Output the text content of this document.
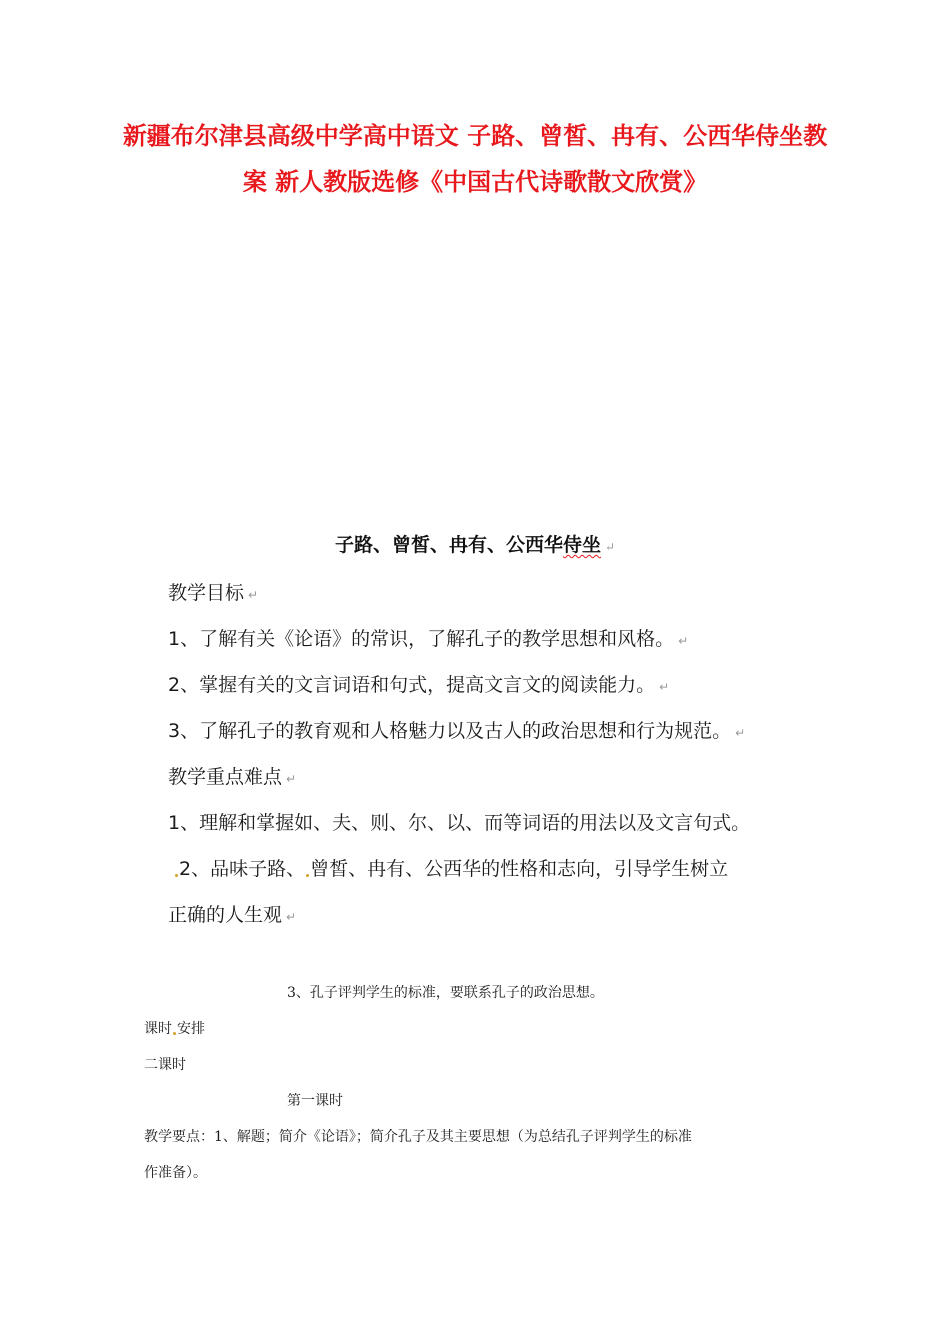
新疆布尔津县高级中学高中语文 子路、曾皙、冉有、公西华侍坐教
案 新人教版选修《中国古代诗歌散文欣赏》
子路、曾皙、冉有、公西华侍坐 ↵
教学目标 ↵
1、了解有关《论语》的常识，了解孔子的教学思想和风格。 ↵
2、掌握有关的文言词语和句式，提高文言文的阅读能力。 ↵
3、了解孔子的教育观和人格魅力以及古人的政治思想和行为规范。 ↵
教学重点难点 ↵
1、理解和掌握如、夫、则、尔、以、而等词语的用法以及文言句式。
2、品味子路、 曾皙、冉有、公西华的性格和志向，引导学生树立
正确的人生观 ↵
3、孔子评判学生的标准，要联系孔子的政治思想。
课时 安排
二课时
第一课时
教学要点：1、解题；简介《论语》；简介孔子及其主要思想（为总结孔子评判学生的标准
作准备）。
